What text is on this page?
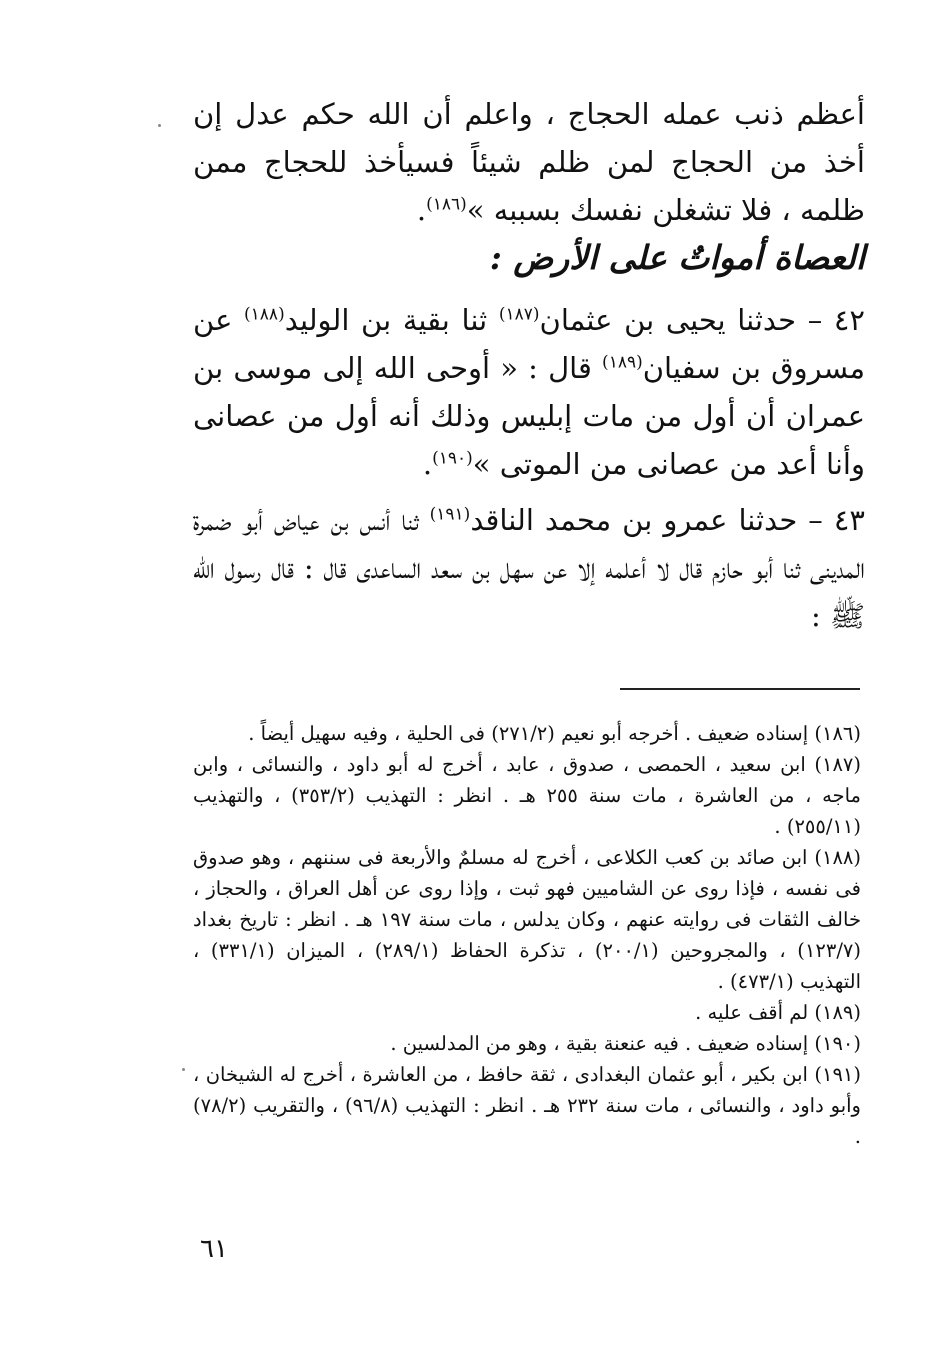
أعظم ذنب عمله الحجاج ، واعلم أن الله حكم عدل إن أخذ من الحجاج لمن ظلم شيئاً فسيأخذ للحجاج ممن ظلمه ، فلا تشغلن نفسك بسببه »$^{(١٨٦)}$.

العصاة أمواتٌ على الأرض :

٤٢ – حدثنا يحيى بن عثمان$^{(١٨٧)}$ ثنا بقية بن الوليد$^{(١٨٨)}$ عن مسروق بن سفيان$^{(١٨٩)}$ قال : « أوحى الله إلى موسى بن عمران أن أول من مات إبليس وذلك أنه أول من عصانى وأنا أعد من عصانى من الموتى »$^{(١٩٠)}$.

٤٣ – حدثنا عمرو بن محمد الناقد$^{(١٩١)}$ ثنا أنس بن عياض أبو ضمرة المدينى ثنا أبو حازم قال لا أعلمه إلا عن سهل بن سعد الساعدى قال : قال رسول الله ﷺ :

(١٨٦) إسناده ضعيف . أخرجه أبو نعيم (٢٧١/٢) فى الحلية ، وفيه سهيل أيضاً .

(١٨٧) ابن سعيد ، الحمصى ، صدوق ، عابد ، أخرج له أبو داود ، والنسائى ، وابن ماجه ، من العاشرة ، مات سنة ٢٥٥ هـ . انظر : التهذيب (٣٥٣/٢) ، والتهذيب (٢٥٥/١١) .

(١٨٨) ابن صائد بن كعب الكلاعى ، أخرج له مسلمٌ والأربعة فى سننهم ، وهو صدوق فى نفسه ، فإذا روى عن الشاميين فهو ثبت ، وإذا روى عن أهل العراق ، والحجاز ، خالف الثقات فى روايته عنهم ، وكان يدلس ، مات سنة ١٩٧ هـ . انظر : تاريخ بغداد (١٢٣/٧) ، والمجروحين (٢٠٠/١) ، تذكرة الحفاظ (٢٨٩/١) ، الميزان (٣٣١/١) ، التهذيب (٤٧٣/١) .

(١٨٩) لم أقف عليه .

(١٩٠) إسناده ضعيف . فيه عنعنة بقية ، وهو من المدلسين .

(١٩١) ابن بكير ، أبو عثمان البغدادى ، ثقة حافظ ، من العاشرة ، أخرج له الشيخان ، وأبو داود ، والنسائى ، مات سنة ٢٣٢ هـ . انظر : التهذيب (٩٦/٨) ، والتقريب (٧٨/٢) .

٦١
